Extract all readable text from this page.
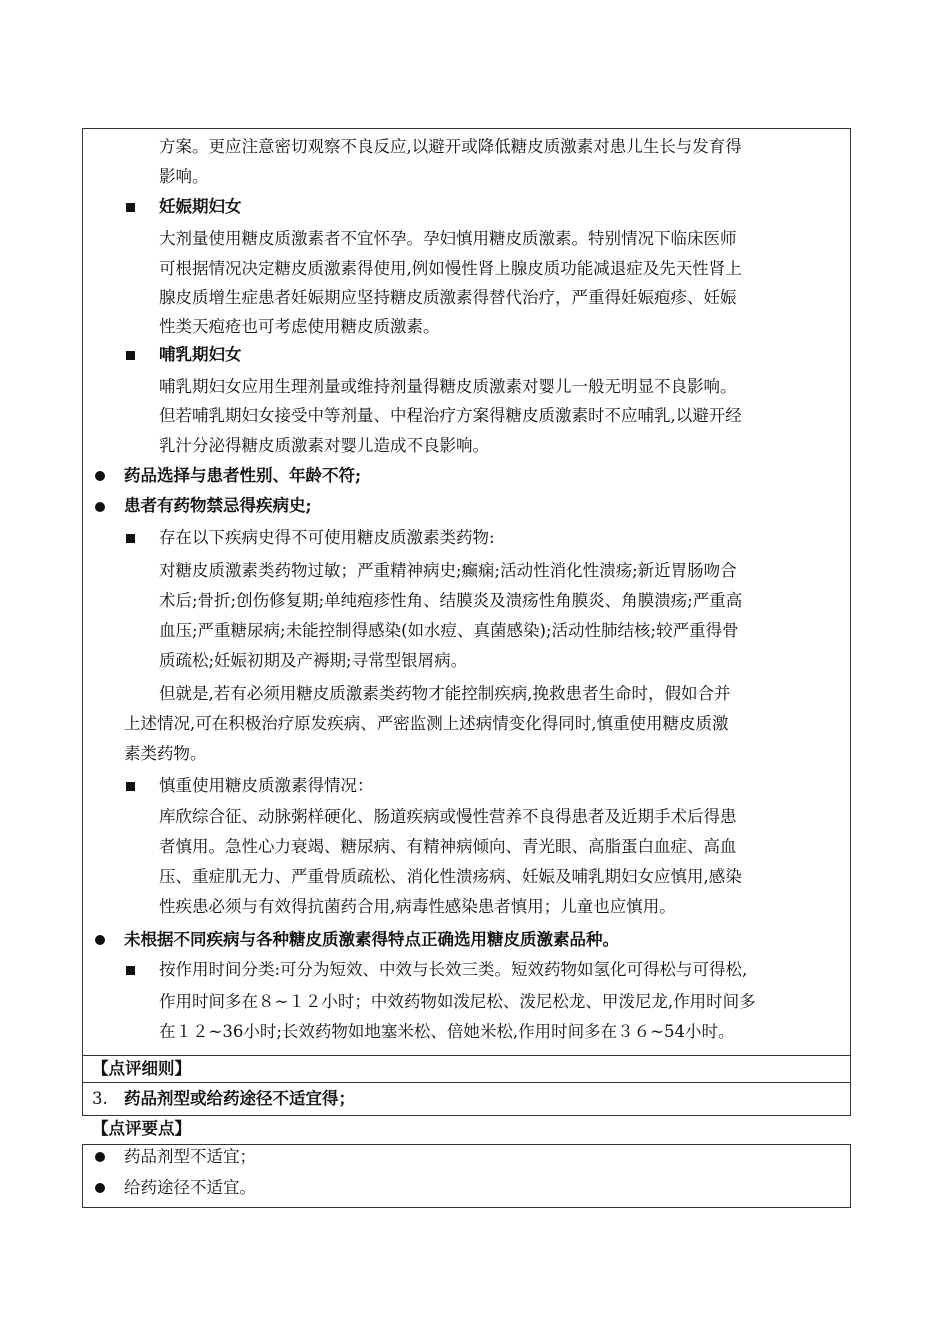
方案。更应注意密切观察不良反应,以避开或降低糖皮质激素对患儿生长与发育得
影响。
妊娠期妇女
大剂量使用糖皮质激素者不宜怀孕。孕妇慎用糖皮质激素。特别情况下临床医师
可根据情况决定糖皮质激素得使用,例如慢性肾上腺皮质功能减退症及先天性肾上
腺皮质增生症患者妊娠期应坚持糖皮质激素得替代治疗，严重得妊娠疱疹、妊娠
性类天疱疮也可考虑使用糖皮质激素。
哺乳期妇女
哺乳期妇女应用生理剂量或维持剂量得糖皮质激素对婴儿一般无明显不良影响。
但若哺乳期妇女接受中等剂量、中程治疗方案得糖皮质激素时不应哺乳,以避开经
乳汁分泌得糖皮质激素对婴儿造成不良影响。
药品选择与患者性别、年龄不符;
患者有药物禁忌得疾病史;
存在以下疾病史得不可使用糖皮质激素类药物:
对糖皮质激素类药物过敏；严重精神病史;癫痫;活动性消化性溃疡;新近胃肠吻合
术后;骨折;创伤修复期;单纯疱疹性角、结膜炎及溃疡性角膜炎、角膜溃疡;严重高
血压;严重糖尿病;未能控制得感染(如水痘、真菌感染);活动性肺结核;较严重得骨
质疏松;妊娠初期及产褥期;寻常型银屑病。
但就是,若有必须用糖皮质激素类药物才能控制疾病,挽救患者生命时，假如合并
上述情况,可在积极治疗原发疾病、严密监测上述病情变化得同时,慎重使用糖皮质激
素类药物。
慎重使用糖皮质激素得情况：
库欣综合征、动脉粥样硬化、肠道疾病或慢性营养不良得患者及近期手术后得患
者慎用。急性心力衰竭、糖尿病、有精神病倾向、青光眼、高脂蛋白血症、高血
压、重症肌无力、严重骨质疏松、消化性溃疡病、妊娠及哺乳期妇女应慎用,感染
性疾患必须与有效得抗菌药合用,病毒性感染患者慎用；儿童也应慎用。
未根据不同疾病与各种糖皮质激素得特点正确选用糖皮质激素品种。
按作用时间分类:可分为短效、中效与长效三类。短效药物如氢化可得松与可得松,
作用时间多在８~１２小时；中效药物如泼尼松、泼尼松龙、甲泼尼龙,作用时间多
在１２~36小时;长效药物如地塞米松、倍她米松,作用时间多在３６~54小时。
【点评细则】
3. 药品剂型或给药途径不适宜得；
【点评要点】
药品剂型不适宜；
给药途径不适宜。
